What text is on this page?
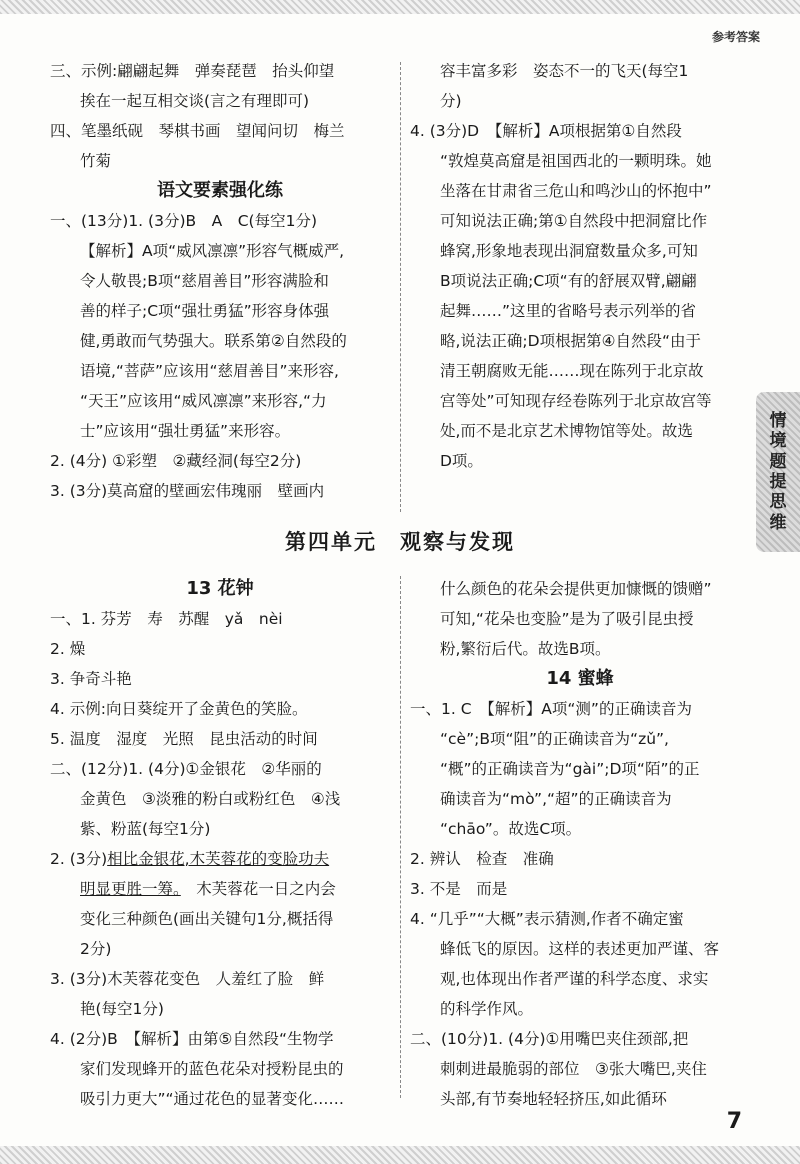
参考答案
情
境
题
提
思
维

三、示例:翩翩起舞　弹奏琵琶　抬头仰望

挨在一起互相交谈(言之有理即可)

四、笔墨纸砚　琴棋书画　望闻问切　梅兰

竹菊

语文要素强化练

一、(13分)1. (3分)B　A　C(每空1分)

【解析】A项“威风凛凛”形容气概威严,

令人敬畏;B项“慈眉善目”形容满脸和

善的样子;C项“强壮勇猛”形容身体强

健,勇敢而气势强大。联系第②自然段的

语境,“菩萨”应该用“慈眉善目”来形容,

“天王”应该用“威风凛凛”来形容,“力

士”应该用“强壮勇猛”来形容。

2. (4分) ①彩塑　②藏经洞(每空2分)

3. (3分)莫高窟的壁画宏伟瑰丽　壁画内

容丰富多彩　姿态不一的飞天(每空1

分)

4. (3分)D　【解析】A项根据第①自然段

“敦煌莫高窟是祖国西北的一颗明珠。她

坐落在甘肃省三危山和鸣沙山的怀抱中”

可知说法正确;第①自然段中把洞窟比作

蜂窝,形象地表现出洞窟数量众多,可知

B项说法正确;C项“有的舒展双臂,翩翩

起舞……”这里的省略号表示列举的省

略,说法正确;D项根据第④自然段“由于

清王朝腐败无能……现在陈列于北京故

宫等处”可知现存经卷陈列于北京故宫等

处,而不是北京艺术博物馆等处。故选

D项。

第四单元　观察与发现

13 花钟

一、1. 芬芳　寿　苏醒　yǎ　nèi

2. 燥

3. 争奇斗艳

4. 示例:向日葵绽开了金黄色的笑脸。

5. 温度　湿度　光照　昆虫活动的时间

二、(12分)1. (4分)①金银花　②华丽的

金黄色　③淡雅的粉白或粉红色　④浅

紫、粉蓝(每空1分)

2. (3分)相比金银花,木芙蓉花的变脸功夫

明显更胜一筹。　木芙蓉花一日之内会

变化三种颜色(画出关键句1分,概括得

2分)

3. (3分)木芙蓉花变色　人羞红了脸　鲜

艳(每空1分)

4. (2分)B　【解析】由第⑤自然段“生物学

家们发现蜂开的蓝色花朵对授粉昆虫的

吸引力更大”“通过花色的显著变化……

什么颜色的花朵会提供更加慷慨的馈赠”

可知,“花朵也变脸”是为了吸引昆虫授

粉,繁衍后代。故选B项。

14 蜜蜂

一、1. C　【解析】A项“测”的正确读音为

“cè”;B项“阻”的正确读音为“zǔ”,

“概”的正确读音为“gài”;D项“陌”的正

确读音为“mò”,“超”的正确读音为

“chāo”。故选C项。

2. 辨认　检查　准确

3. 不是　而是

4. “几乎”“大概”表示猜测,作者不确定蜜

蜂低飞的原因。这样的表述更加严谨、客

观,也体现出作者严谨的科学态度、求实

的科学作风。

二、(10分)1. (4分)①用嘴巴夹住颈部,把

刺刺进最脆弱的部位　③张大嘴巴,夹住

头部,有节奏地轻轻挤压,如此循环

7
